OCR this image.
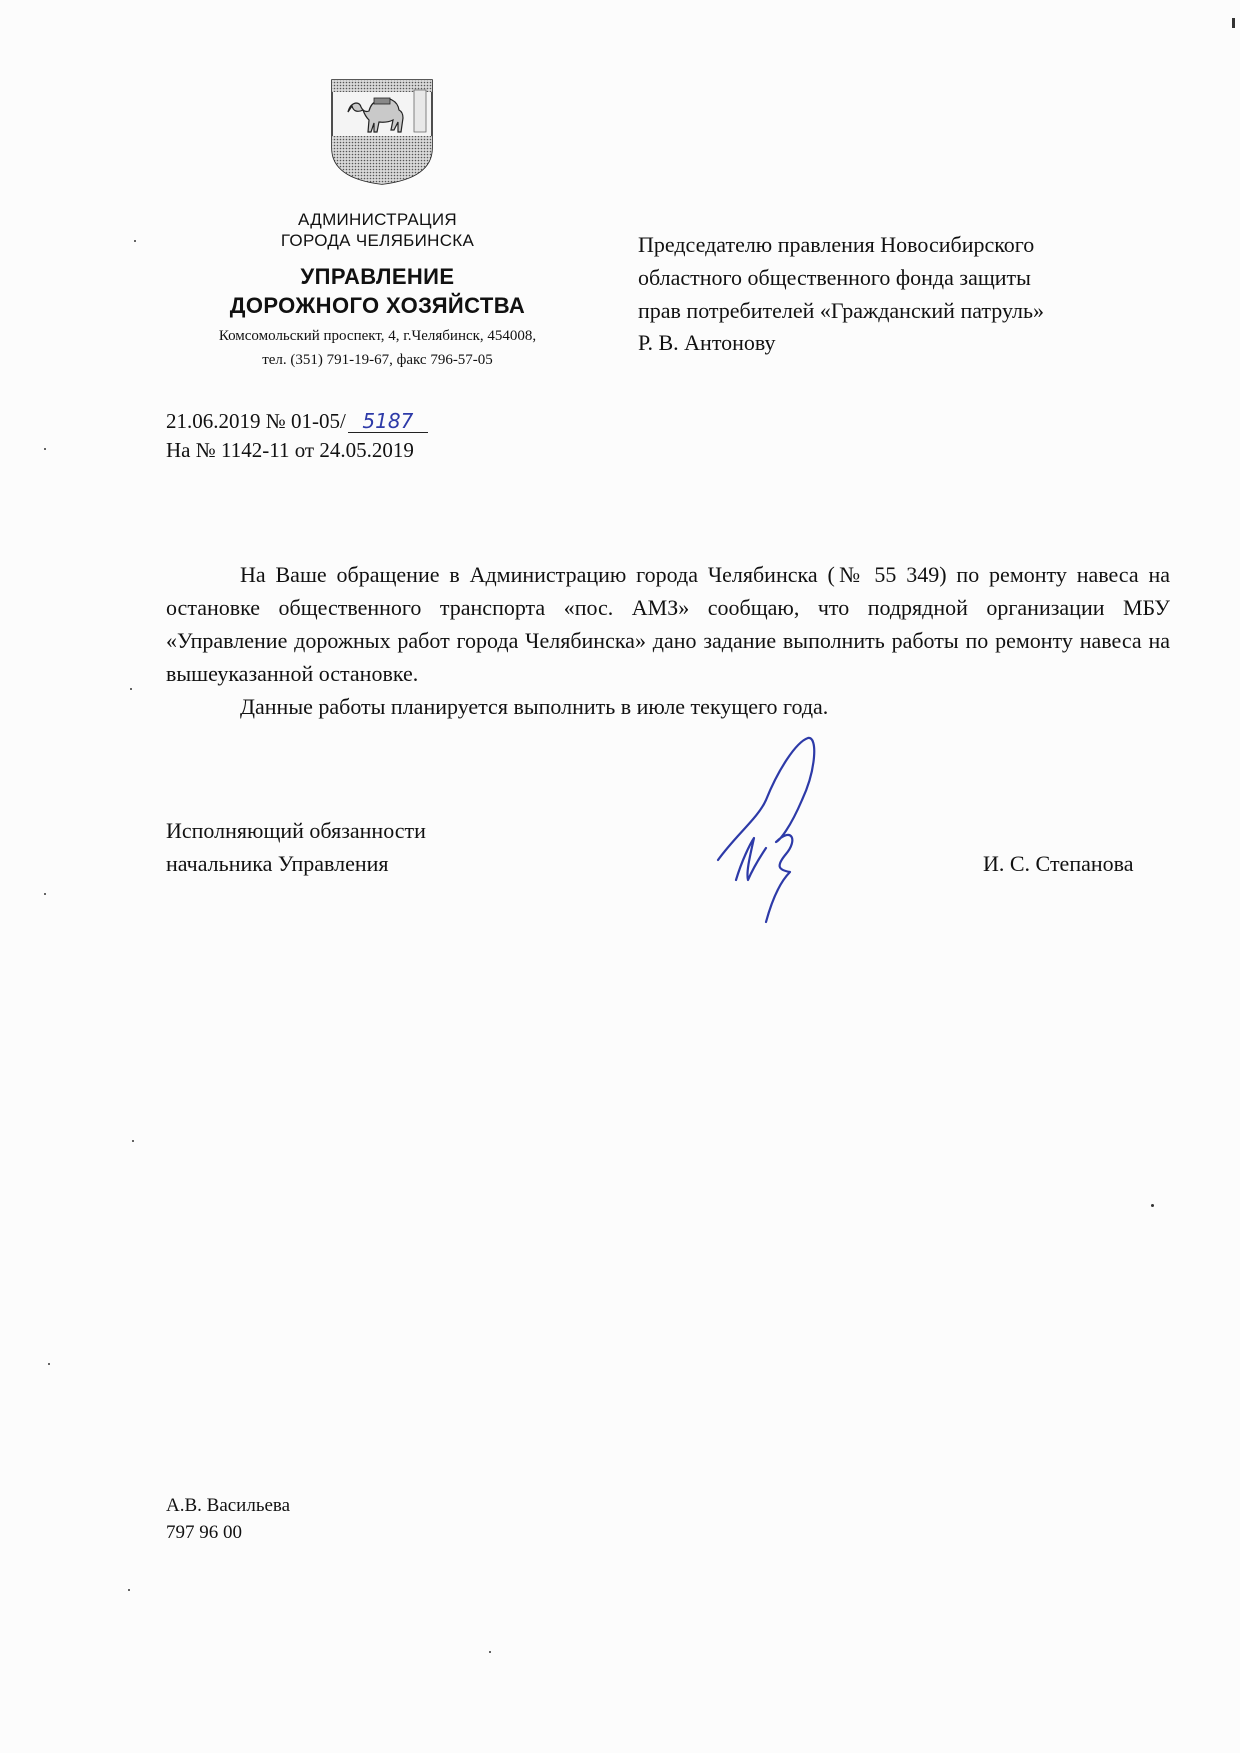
АДМИНИСТРАЦИЯ
ГОРОДА ЧЕЛЯБИНСКА
УПРАВЛЕНИЕ
ДОРОЖНОГО ХОЗЯЙСТВА
Комсомольский проспект, 4, г.Челябинск, 454008,
тел. (351) 791-19-67, факс 796-57-05
Председателю правления Новосибирского
областного общественного фонда защиты
прав потребителей «Гражданский патруль»
Р. В. Антонову
21.06.2019 № 01-05/ 5187
На № 1142-11 от 24.05.2019

На Ваше обращение в Администрацию города Челябинска (№ 55 349) по ремонту навеса на остановке общественного транспорта «пос. АМЗ» сообщаю, что подрядной организации МБУ «Управление дорожных работ города Челябинска» дано задание выполнить работы по ремонту навеса на вышеуказанной остановке.

Данные работы планируется выполнить в июле текущего года.

Исполняющий обязанности
начальника Управления	И. С. Степанова
А.В. Васильева
797 96 00
